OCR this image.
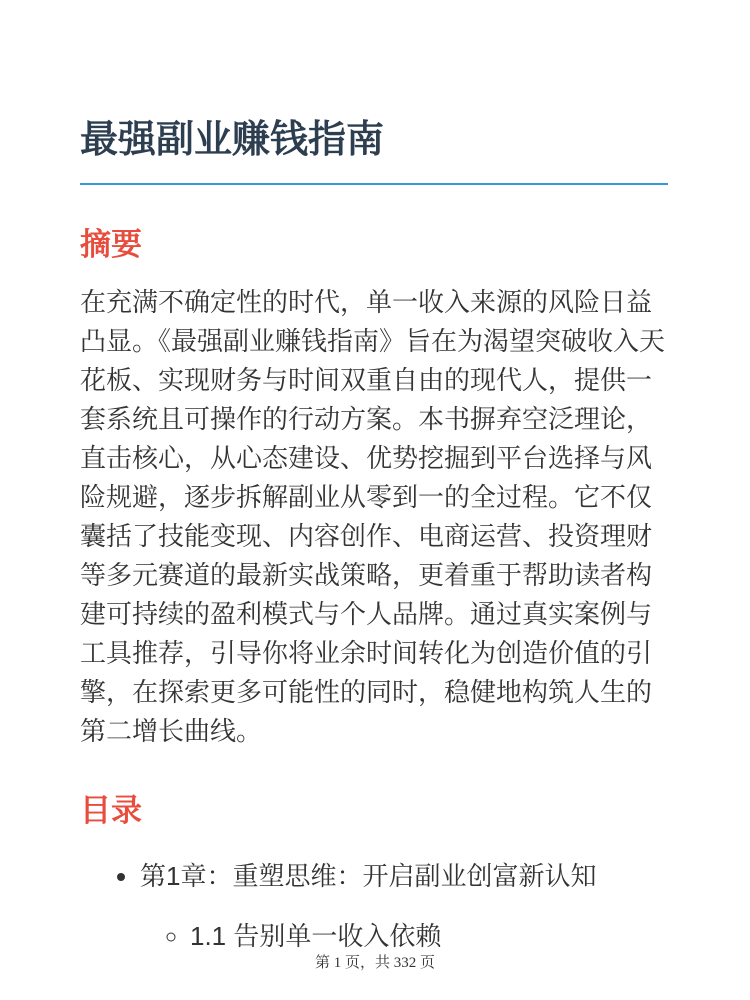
最强副业赚钱指南
摘要

在充满不确定性的时代，单一收入来源的风险日益凸显。《最强副业赚钱指南》旨在为渴望突破收入天花板、实现财务与时间双重自由的现代人，提供一套系统且可操作的行动方案。本书摒弃空泛理论，直击核心，从心态建设、优势挖掘到平台选择与风险规避，逐步拆解副业从零到一的全过程。它不仅囊括了技能变现、内容创作、电商运营、投资理财等多元赛道的最新实战策略，更着重于帮助读者构建可持续的盈利模式与个人品牌。通过真实案例与工具推荐，引导你将业余时间转化为创造价值的引擎，在探索更多可能性的同时，稳健地构筑人生的第二增长曲线。

目录
• 第1章：重塑思维：开启副业创富新认知
◦ 1.1 告别单一收入依赖
第 1 页，共 332 页
